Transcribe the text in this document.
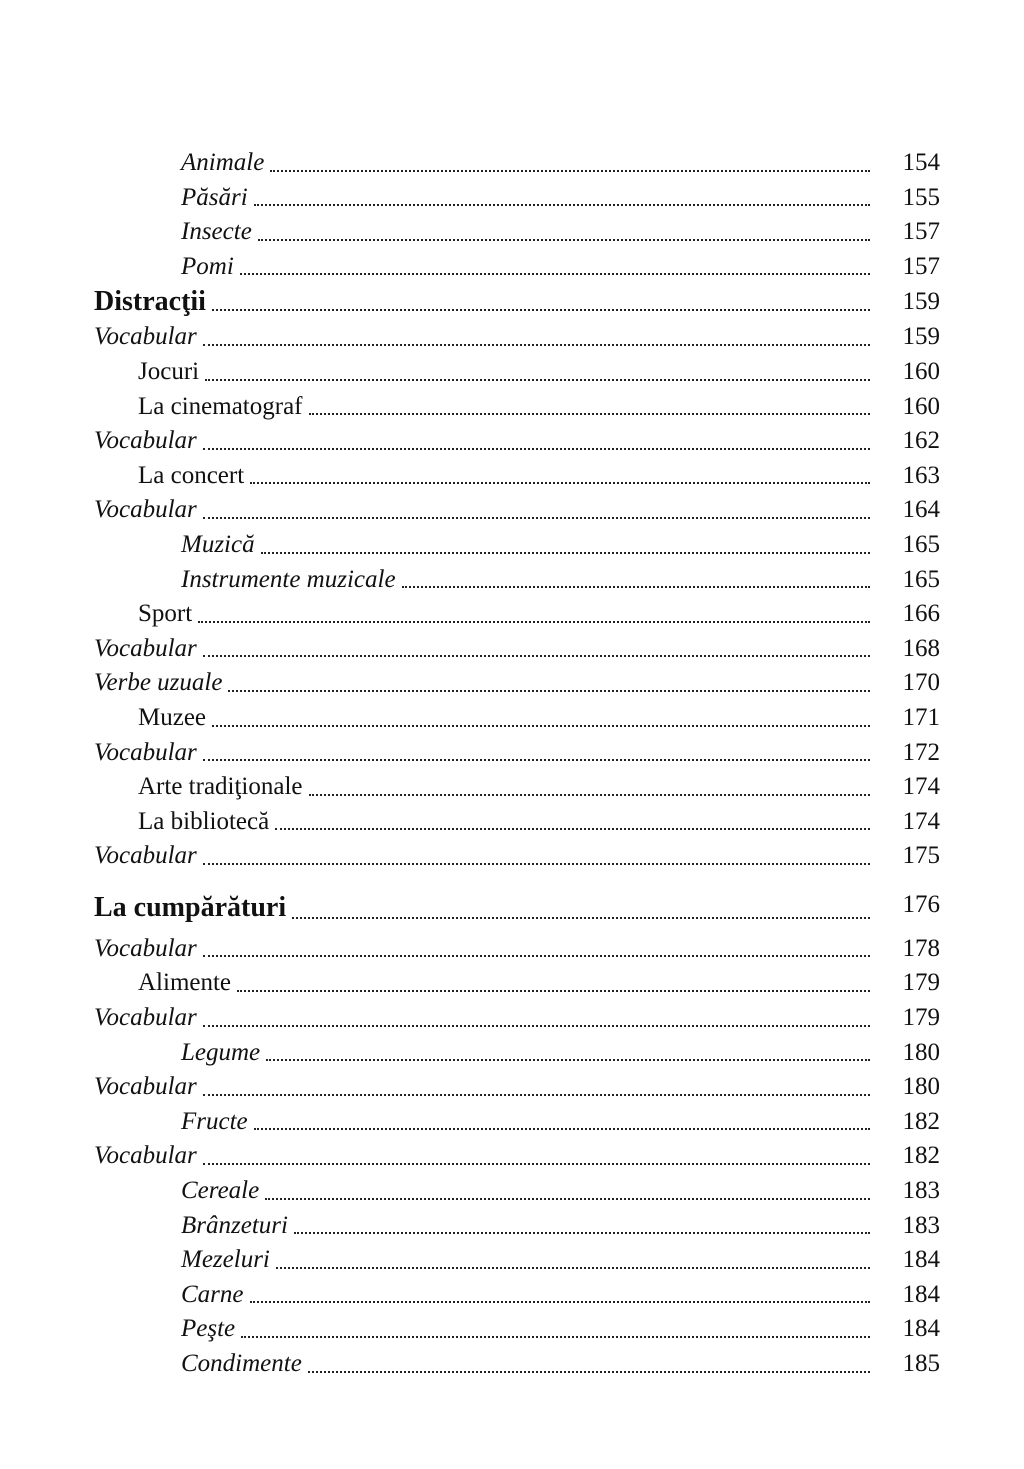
Animale	154
Păsări	155
Insecte	157
Pomi	157
Distracţii	159
Vocabular	159
Jocuri	160
La cinematograf	160
Vocabular	162
La concert	163
Vocabular	164
Muzică	165
Instrumente muzicale	165
Sport	166
Vocabular	168
Verbe uzuale	170
Muzee	171
Vocabular	172
Arte tradiţionale	174
La bibliotecă	174
Vocabular	175
La cumpărături	176
Vocabular	178
Alimente	179
Vocabular	179
Legume	180
Vocabular	180
Fructe	182
Vocabular	182
Cereale	183
Brânzeturi	183
Mezeluri	184
Carne	184
Peşte	184
Condimente	185
